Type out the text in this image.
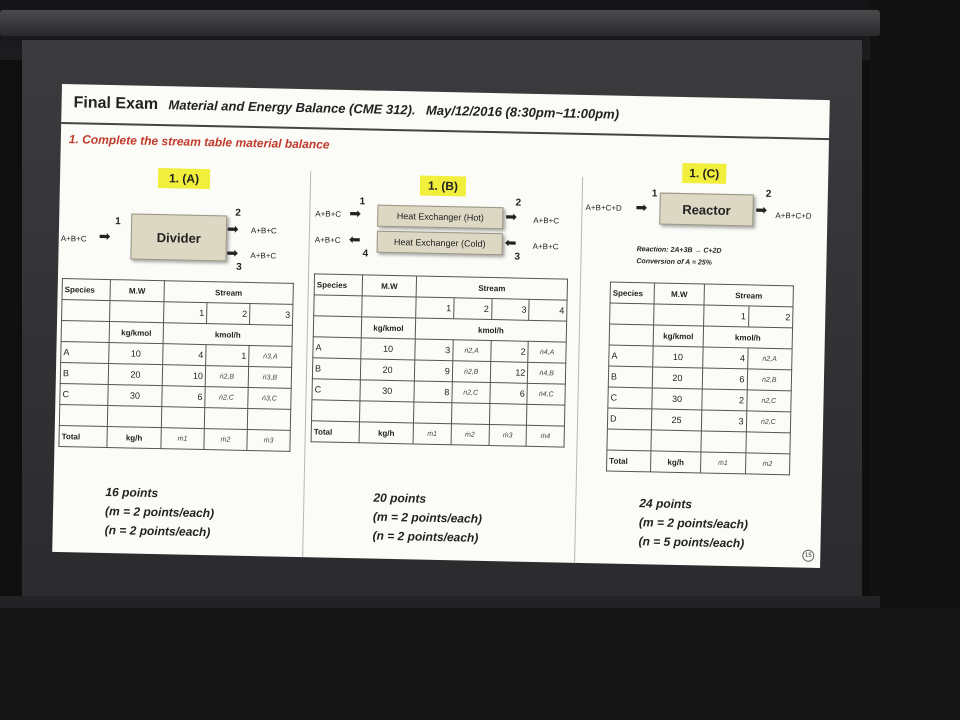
Final Exam Material and Energy Balance (CME 312). May/12/2016 (8:30pm~11:00pm)
1. Complete the stream table material balance
1. (A)
A+B+C
1
➡	Divider
➡
➡
2
3
A+B+C
A+B+C
Species	M.W	Stream		
		1	2	3
	kg/kmol	kmol/h		
A	10	4	1	ṅ3,A
B	20	10	ṅ2,B	ṅ3,B
C	30	6	ṅ2,C	ṅ3,C

Total	kg/h	ṁ1	ṁ2	ṁ3
16 points
(m = 2 points/each)
(n = 2 points/each)
1. (B)
A+B+C
1
➡	Heat Exchanger (Hot)	➡
2
A+B+C
A+B+C ⬅
4
Heat Exchanger (Cold)	⬅
3
A+B+C
Species	M.W	Stream			
		1	2	3	4
	kg/kmol	kmol/h			
A	10	3	ṅ2,A	2	ṅ4,A
B	20	9	ṅ2,B	12	ṅ4,B
C	30	8	ṅ2,C	6	ṅ4,C

Total	kg/h	ṁ1	ṁ2	ṁ3	ṁ4
20 points
(m = 2 points/each)
(n = 2 points/each)
1. (C)
A+B+C+D
1
➡	Reactor	➡
2
A+B+C+D
Reaction: 2A+3B → C+2D
Conversion of A = 25%
Species	M.W	Stream	
		1	2
	kg/kmol	kmol/h	
A	10	4	ṅ2,A
B	20	6	ṅ2,B
C	30	2	ṅ2,C
D	25	3	ṅ2,C

Total	kg/h	ṁ1	ṁ2
24 points
(m = 2 points/each)
(n = 5 points/each)
15
